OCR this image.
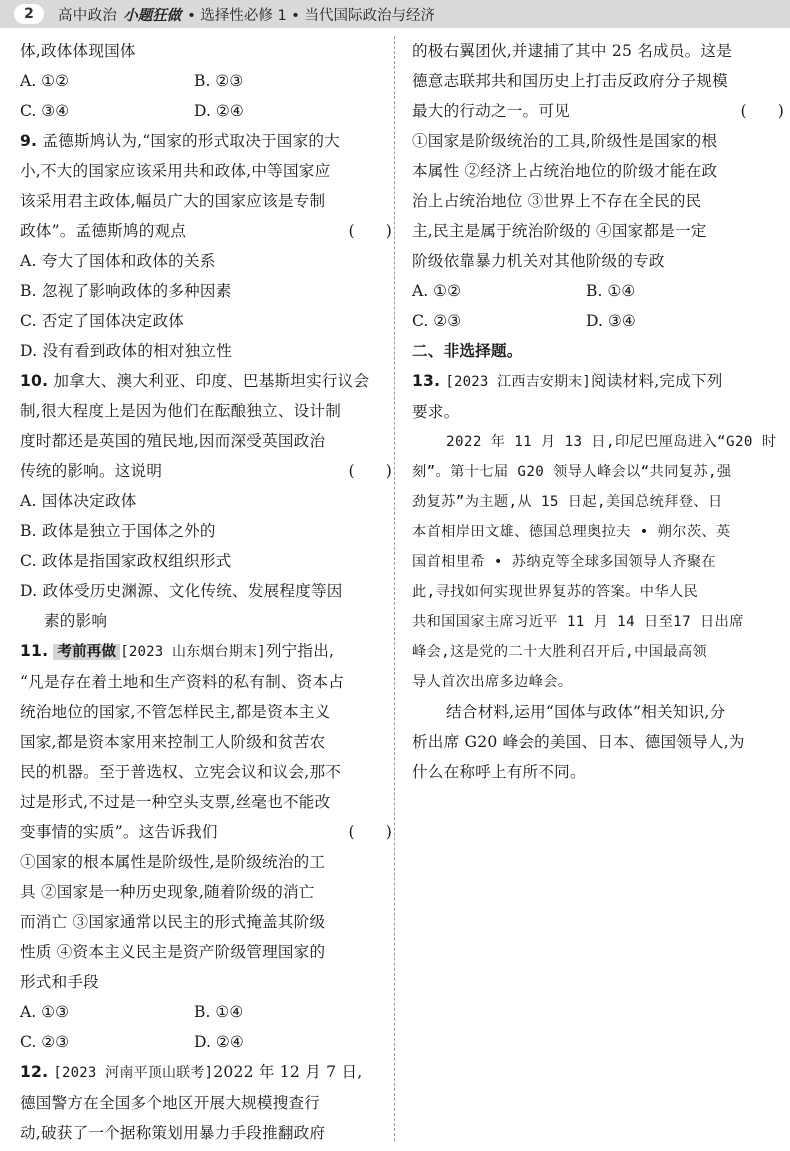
2	高中政治 小题狂做 • 选择性必修 1 • 当代国际政治与经济
体,政体体现国体
A. ①②	B. ②③
C. ③④	D. ②④
9. 孟德斯鸠认为,“国家的形式取决于国家的大
小,不大的国家应该采用共和政体,中等国家应
该采用君主政体,幅员广大的国家应该是专制
政体”。孟德斯鸠的观点	(      )
A. 夸大了国体和政体的关系
B. 忽视了影响政体的多种因素
C. 否定了国体决定政体
D. 没有看到政体的相对独立性
10. 加拿大、澳大利亚、印度、巴基斯坦实行议会
制,很大程度上是因为他们在酝酿独立、设计制
度时都还是英国的殖民地,因而深受英国政治
传统的影响。这说明	(      )
A. 国体决定政体
B. 政体是独立于国体之外的
C. 政体是指国家政权组织形式
D. 政体受历史渊源、文化传统、发展程度等因
素的影响
11. 考前再做 [2023 山东烟台期末]列宁指出,
“凡是存在着土地和生产资料的私有制、资本占
统治地位的国家,不管怎样民主,都是资本主义
国家,都是资本家用来控制工人阶级和贫苦农
民的机器。至于普选权、立宪会议和议会,那不
过是形式,不过是一种空头支票,丝毫也不能改
变事情的实质”。这告诉我们	(      )
①国家的根本属性是阶级性,是阶级统治的工
具 ②国家是一种历史现象,随着阶级的消亡
而消亡 ③国家通常以民主的形式掩盖其阶级
性质 ④资本主义民主是资产阶级管理国家的
形式和手段
A. ①③	B. ①④
C. ②③	D. ②④
12. [2023 河南平顶山联考]2022 年 12 月 7 日,
德国警方在全国多个地区开展大规模搜查行
动,破获了一个据称策划用暴力手段推翻政府
的极右翼团伙,并逮捕了其中 25 名成员。这是
德意志联邦共和国历史上打击反政府分子规模
最大的行动之一。可见	(      )
①国家是阶级统治的工具,阶级性是国家的根
本属性 ②经济上占统治地位的阶级才能在政
治上占统治地位 ③世界上不存在全民的民
主,民主是属于统治阶级的 ④国家都是一定
阶级依靠暴力机关对其他阶级的专政
A. ①②	B. ①④
C. ②③	D. ③④
二、非选择题。
13. [2023 江西吉安期末]阅读材料,完成下列
要求。
2022 年 11 月 13 日,印尼巴厘岛进入“G20 时
刻”。第十七届 G20 领导人峰会以“共同复苏,强
劲复苏”为主题,从 15 日起,美国总统拜登、日
本首相岸田文雄、德国总理奥拉夫 • 朔尔茨、英
国首相里希 • 苏纳克等全球多国领导人齐聚在
此,寻找如何实现世界复苏的答案。中华人民
共和国国家主席习近平 11 月 14 日至17 日出席
峰会,这是党的二十大胜利召开后,中国最高领
导人首次出席多边峰会。
结合材料,运用“国体与政体”相关知识,分
析出席 G20 峰会的美国、日本、德国领导人,为
什么在称呼上有所不同。
